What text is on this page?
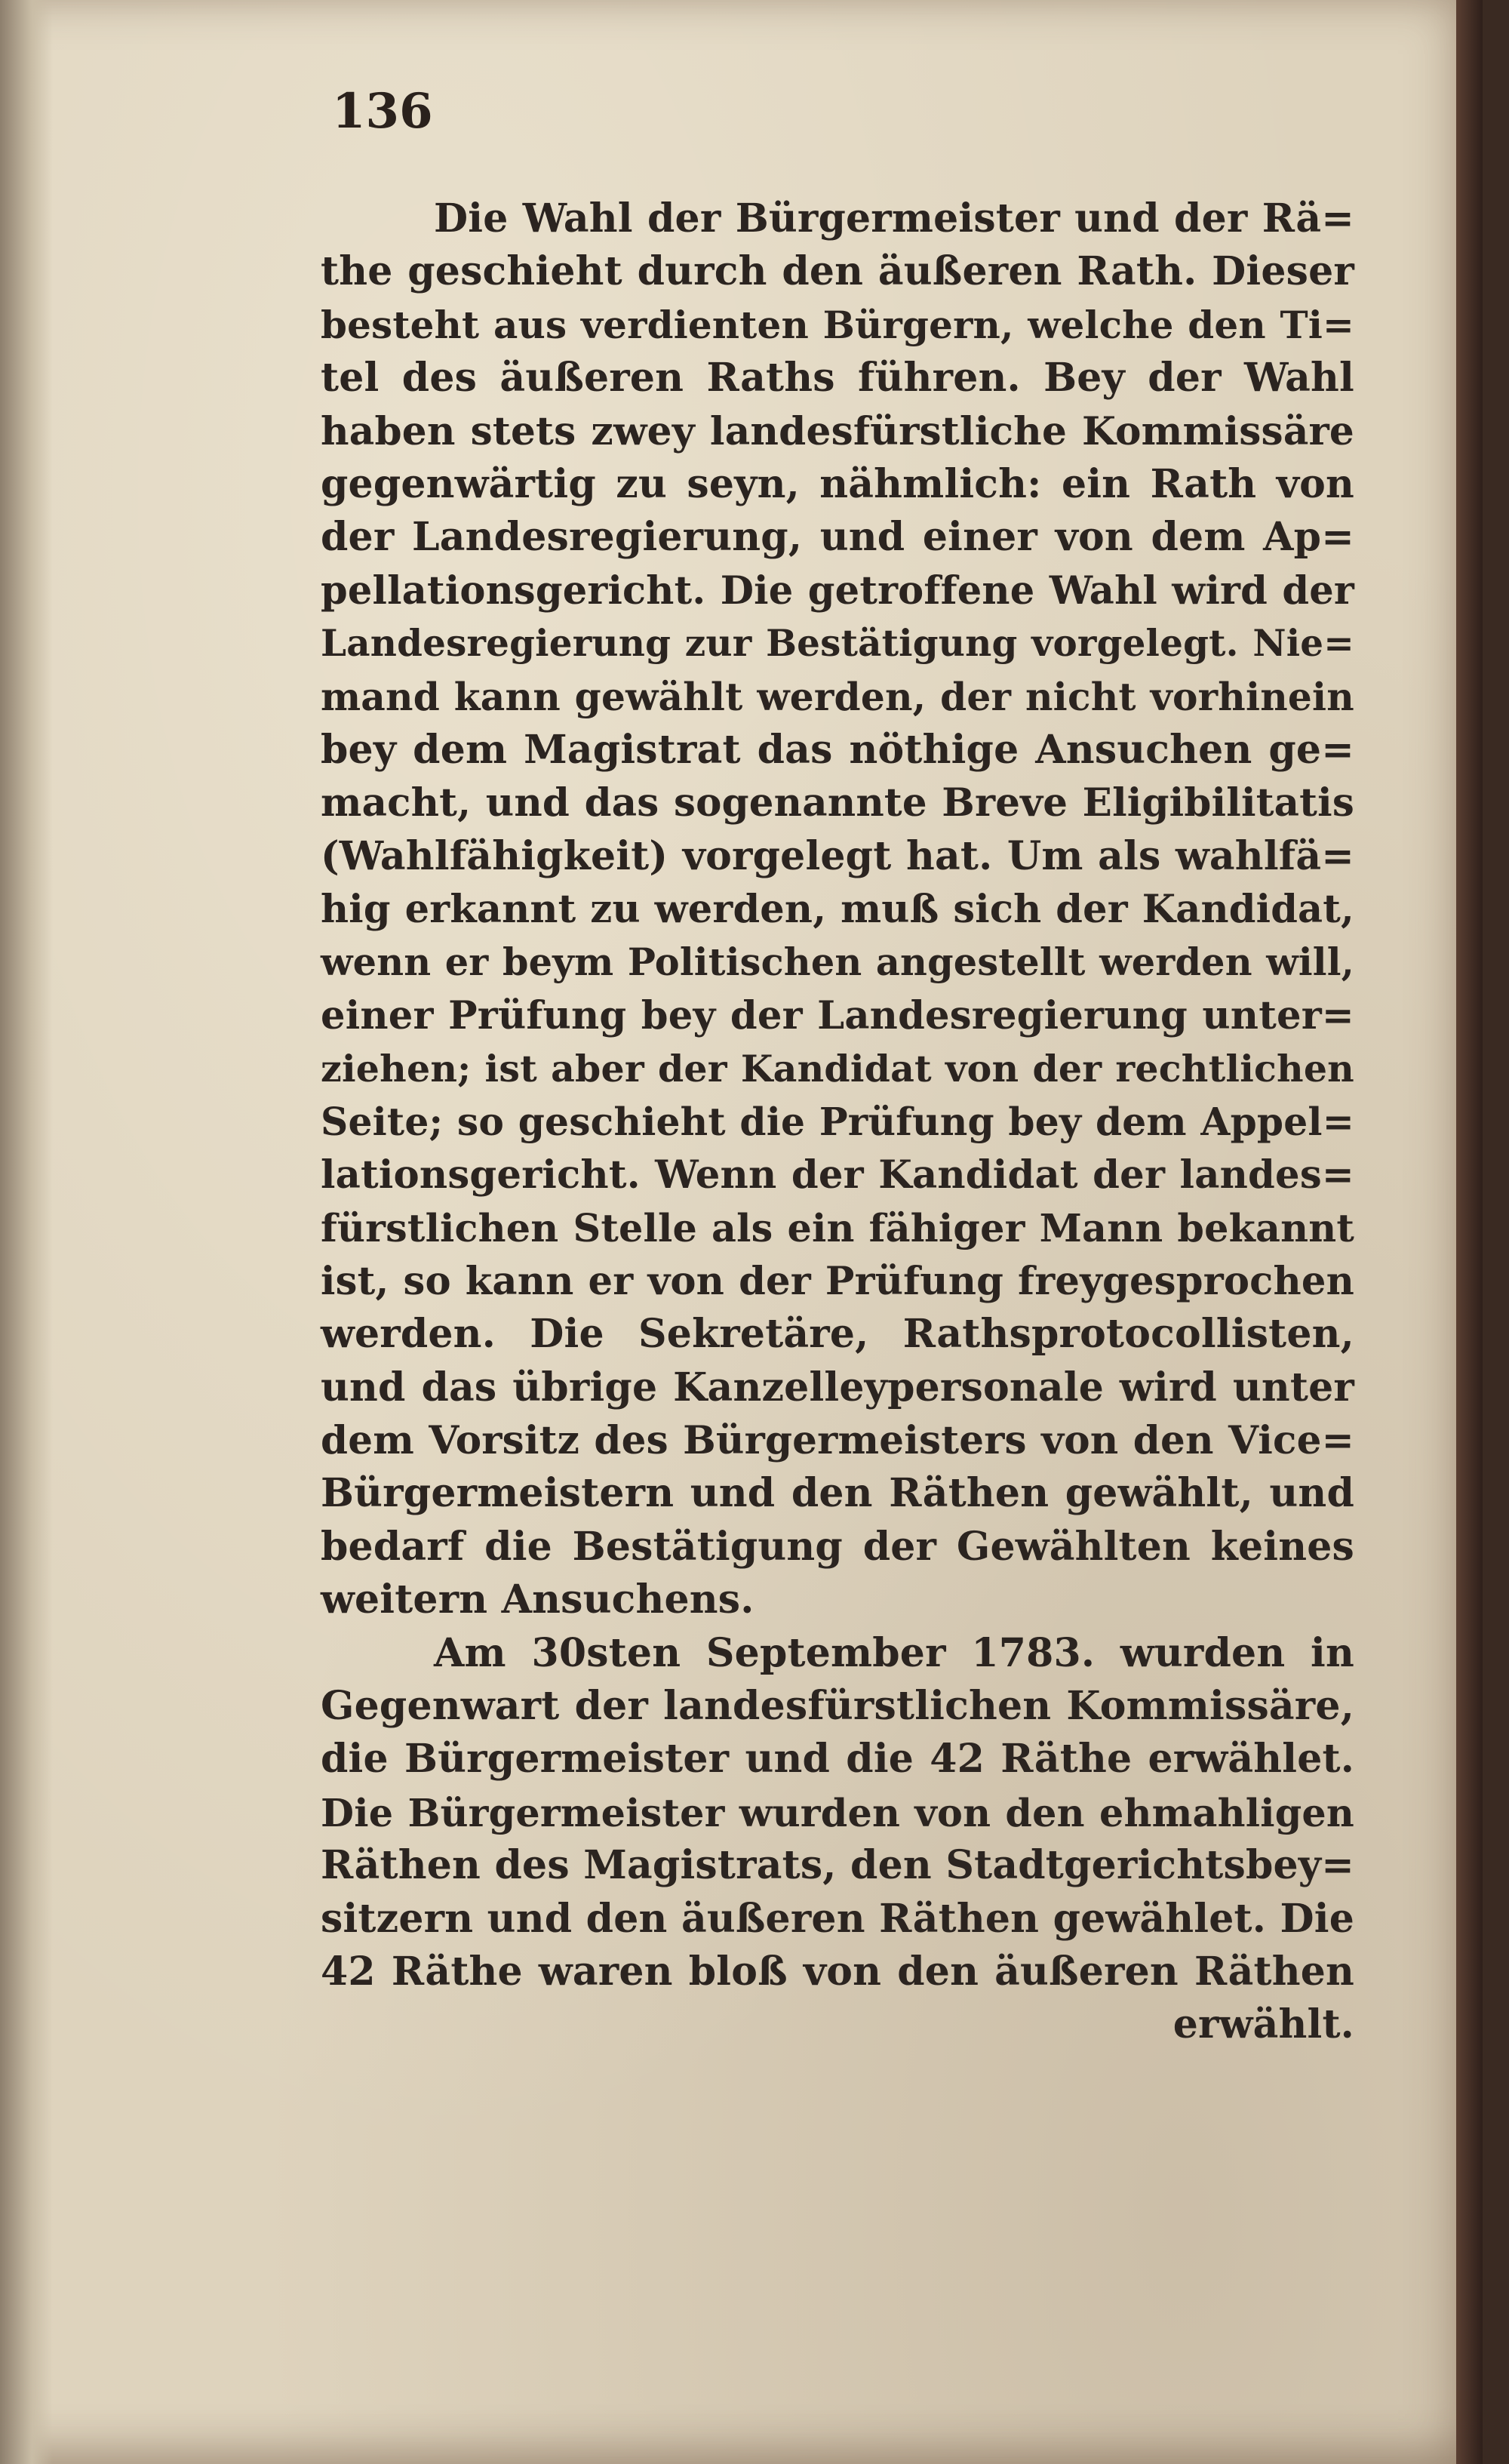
136
Die Wahl der Bürgermeister und der Rä=
the geschieht durch den äußeren Rath. Dieser
besteht aus verdienten Bürgern, welche den Ti=
tel des äußeren Raths führen. Bey der Wahl
haben stets zwey landesfürstliche Kommissäre
gegenwärtig zu seyn, nähmlich: ein Rath von
der Landesregierung, und einer von dem Ap=
pellationsgericht. Die getroffene Wahl wird der
Landesregierung zur Bestätigung vorgelegt. Nie=
mand kann gewählt werden, der nicht vorhinein
bey dem Magistrat das nöthige Ansuchen ge=
macht, und das sogenannte Breve Eligibilitatis
(Wahlfähigkeit) vorgelegt hat. Um als wahlfä=
hig erkannt zu werden, muß sich der Kandidat,
wenn er beym Politischen angestellt werden will,
einer Prüfung bey der Landesregierung unter=
ziehen; ist aber der Kandidat von der rechtlichen
Seite; so geschieht die Prüfung bey dem Appel=
lationsgericht. Wenn der Kandidat der landes=
fürstlichen Stelle als ein fähiger Mann bekannt
ist, so kann er von der Prüfung freygesprochen
werden. Die Sekretäre, Rathsprotocollisten,
und das übrige Kanzelleypersonale wird unter
dem Vorsitz des Bürgermeisters von den Vice=
Bürgermeistern und den Räthen gewählt, und
bedarf die Bestätigung der Gewählten keines
weitern Ansuchens.
Am 30sten September 1783. wurden in
Gegenwart der landesfürstlichen Kommissäre,
die Bürgermeister und die 42 Räthe erwählet.
Die Bürgermeister wurden von den ehmahligen
Räthen des Magistrats, den Stadtgerichtsbey=
sitzern und den äußeren Räthen gewählet. Die
42 Räthe waren bloß von den äußeren Räthen
erwählt.
